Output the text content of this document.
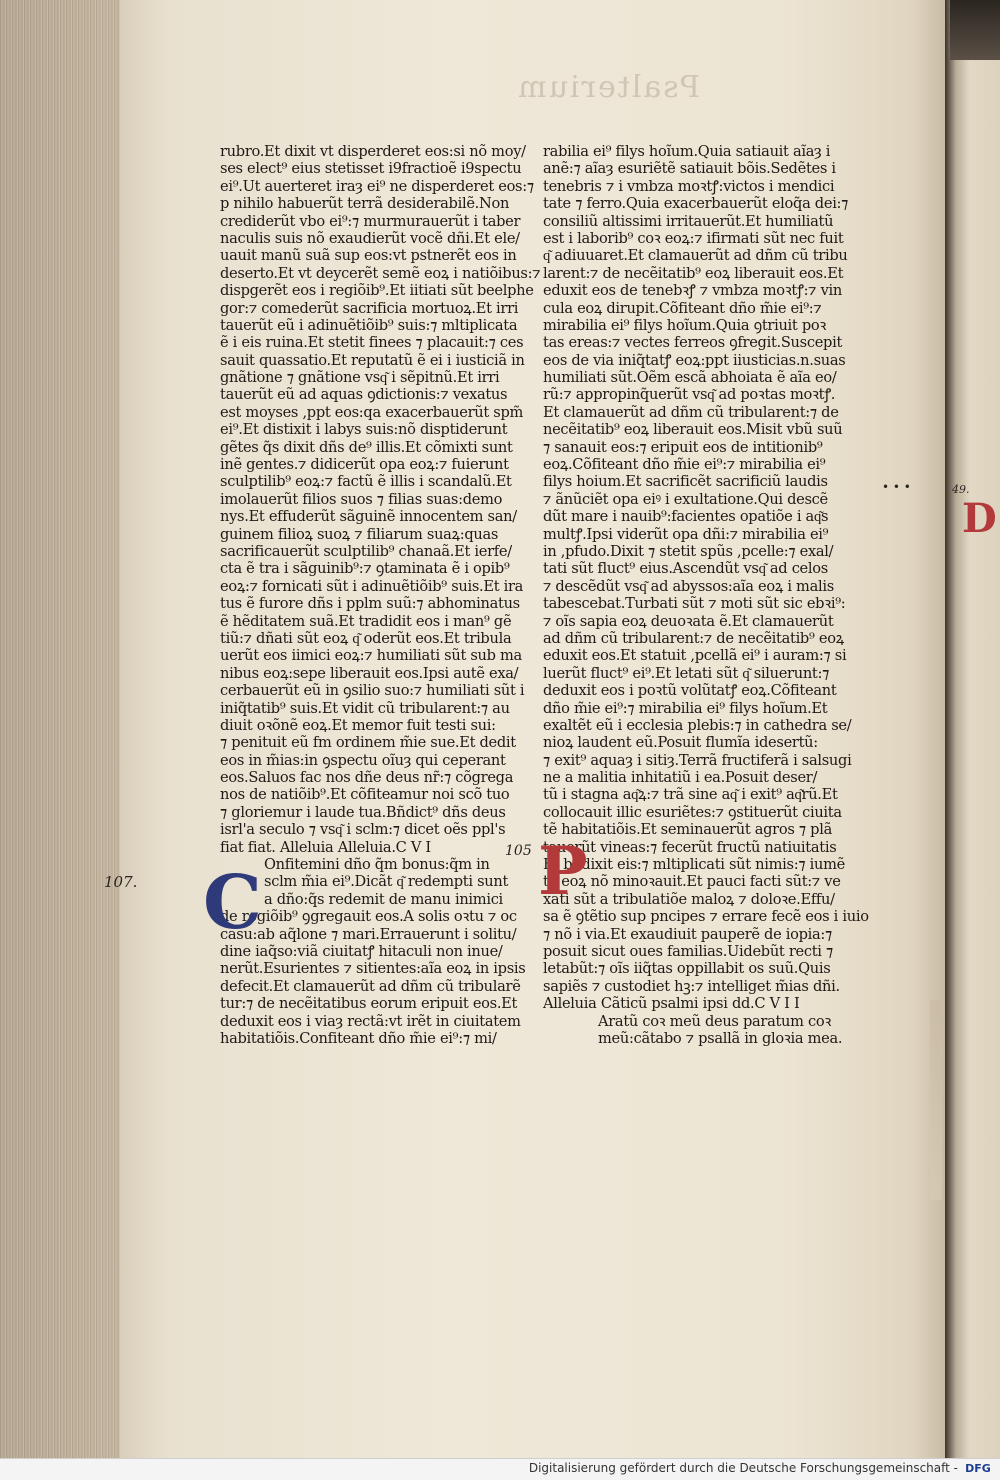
Psalterium
rubro.Et dixit vt disperderet eos:si nõ moy/
ses elect⁹ eius stetisset i9fractioẽ i9spectu
ei⁹.Ut auerteret iraȝ ei⁹ ne disperderet eos:⁊
p nihilo habuerũt terrã desiderabilẽ.Non
crediderũt vbo ei⁹:⁊ murmurauerũt i taber
naculis suis nõ exaudierũt vocẽ dñi.Et ele/
uauit manũ suã sup eos:vt pstnerẽt eos in
deserto.Et vt deycerẽt semẽ eoꝝ i natiõibus:⁊
dispgerẽt eos i regiõib⁹.Et iitiati sũt beelphe
gor:⁊ comederũt sacrificia mortuoꝝ.Et irri
tauerũt eũ i adinuẽtiõib⁹ suis:⁊ mltiplicata
ẽ i eis ruina.Et stetit finees ⁊ placauit:⁊ ces
sauit quassatio.Et reputatũ ẽ ei i iusticiã in
gnãtione ⁊ gnãtione vsq͂ i sẽpitnũ.Et irri
tauerũt eũ ad aquas ꝯdictionis:⁊ vexatus
est moyses ,ppt eos:qa exacerbauerũt spm̃
ei⁹.Et distixit i labys suis:nõ disptiderunt
gẽtes q̃s dixit dñs de⁹ illis.Et cõmixti sunt
inẽ gentes.⁊ didicerũt opa eoꝝ:⁊ fuierunt
sculptilib⁹ eoꝝ:⁊ factũ ẽ illis i scandalũ.Et
imolauerũt filios suos ⁊ filias suas:demo
nys.Et effuderũt sãguinẽ innocentem san/
guinem filioꝝ suoꝝ ⁊ filiarum suaꝝ:quas
sacrificauerũt sculptilib⁹ chanaã.Et ierfe/
cta ẽ tra i sãguinib⁹:⁊ ꝯtaminata ẽ i opib⁹
eoꝝ:⁊ fornicati sũt i adinuẽtiõib⁹ suis.Et ira
tus ẽ furore dñs i pplm suũ:⁊ abhominatus
ẽ hẽditatem suã.Et tradidit eos i man⁹ gẽ
tiũ:⁊ dñati sũt eoꝝ q͂ oderũt eos.Et tribula
uerũt eos iimici eoꝝ:⁊ humiliati sũt sub ma
nibus eoꝝ:sepe liberauit eos.Ipsi autẽ exa/
cerbauerũt eũ in ꝯsilio suo:⁊ humiliati sũt i
iniq̃tatib⁹ suis.Et vidit cũ tribularent:⁊ au
diuit oꝛõnẽ eoꝝ.Et memor fuit testi sui:
⁊ penituit eũ fm ordinem m̃ie sue.Et dedit
eos in m̃ias:in ꝯspectu oĩuȝ qui ceperant
eos.Saluos fac nos dñe deus nr̃:⁊ cõgrega
nos de natiõib⁹.Et cõfiteamur noi scõ tuo
⁊ gloriemur i laude tua.Bñdict⁹ dñs deus
isrl'a seculo ⁊ vsq͂ i sclm:⁊ dicet oẽs ppl's
fiat fiat. Alleluia Alleluia.C V I
Onfitemini dño q̃m bonus:q̃m in
sclm m̃ia ei⁹.Dicãt q͂ redempti sunt
a dño:q̃s redemit de manu inimici
de regiõib⁹ ꝯgregauit eos.A solis oꝛtu ⁊ oc
casu:ab aq̃lone ⁊ mari.Errauerunt i solitu/
dine iaq̃so:viã ciuitatꝭ hitaculi non inue/
nerũt.Esurientes ⁊ sitientes:aĩa eoꝝ in ipsis
defecit.Et clamauerũt ad dñm cũ tribularẽ
tur:⁊ de necẽitatibus eorum eripuit eos.Et
deduxit eos i viaȝ rectã:vt irẽt in ciuitatem
habitatiõis.Confiteant dño m̃ie ei⁹:⁊ mi/
rabilia ei⁹ filys hoĩum.Quia satiauit aĩaȝ i
anẽ:⁊ aĩaȝ esuriẽtẽ satiauit bõis.Sedẽtes i
tenebris ⁊ i vmbza moꝛtꝭ:victos i mendici
tate ⁊ ferro.Quia exacerbauerũt eloq̃a dei:⁊
consiliũ altissimi irritauerũt.Et humiliatũ
est i laborib⁹ coꝛ eoꝝ:⁊ ifirmati sũt nec fuit
q͂ adiuuaret.Et clamauerũt ad dñm cũ tribu
larent:⁊ de necẽitatib⁹ eoꝝ liberauit eos.Et
eduxit eos de tenebꝛꝭ ⁊ vmbza moꝛtꝭ:⁊ vin
cula eoꝝ dirupit.Cõfiteant dño m̃ie ei⁹:⁊
mirabilia ei⁹ filys hoĩum.Quia ꝯtriuit poꝛ
tas ereas:⁊ vectes ferreos ꝯfregit.Suscepit
eos de via iniq̃tatꝭ eoꝝ:ppt iiusticias.n.suas
humiliati sũt.Oẽm escã abhoiata ẽ aĩa eo/
rũ:⁊ appropinq̃uerũt vsq͂ ad poꝛtas moꝛtꝭ.
Et clamauerũt ad dñm cũ tribularent:⁊ de
necẽitatib⁹ eoꝝ liberauit eos.Misit vbũ suũ
⁊ sanauit eos:⁊ eripuit eos de intitionib⁹
eoꝝ.Cõfiteant dño m̃ie ei⁹:⁊ mirabilia ei⁹
filys hoium.Et sacrificẽt sacrificiũ laudis
⁊ ãnũciẽt opa eiꝰ i exultatione.Qui descẽ
dũt mare i nauib⁹:facientes opatiõe i aq͂s
multꝭ.Ipsi viderũt opa dñi:⁊ mirabilia ei⁹
in ,pfudo.Dixit ⁊ stetit spũs ,pcelle:⁊ exal/
tati sũt fluct⁹ eius.Ascendũt vsq͂ ad celos
⁊ descẽdũt vsq͂ ad abyssos:aĩa eoꝝ i malis
tabescebat.Turbati sũt ⁊ moti sũt sic ebꝛi⁹:
⁊ oĩs sapia eoꝝ deuoꝛata ẽ.Et clamauerũt
ad dñm cũ tribularent:⁊ de necẽitatib⁹ eoꝝ
eduxit eos.Et statuit ,pcellã ei⁹ i auram:⁊ si
luerũt fluct⁹ ei⁹.Et letati sũt q͂ siluerunt:⁊
deduxit eos i poꝛtũ volũtatꝭ eoꝝ.Cõfiteant
dño m̃ie ei⁹:⁊ mirabilia ei⁹ filys hoĩum.Et
exaltẽt eũ i ecclesia plebis:⁊ in cathedra se/
nioꝝ laudent eũ.Posuit flumĩa idesertũ:
⁊ exit⁹ aquaȝ i sitiȝ.Terrã fructiferã i salsugi
ne a malitia inhitatiũ i ea.Posuit deser/
tũ i stagna aq͂ꝝ:⁊ trã sine aq͂ i exit⁹ aq͂rũ.Et
collocauit illic esuriẽtes:⁊ ꝯstituerũt ciuita
tẽ habitatiõis.Et seminauerũt agros ⁊ plã
tauerũt vineas:⁊ fecerũt fructũ natiuitatis
Et bñdixit eis:⁊ mltiplicati sũt nimis:⁊ iumẽ
ta eoꝝ nõ minoꝛauit.Et pauci facti sũt:⁊ ve
xati sũt a tribulatiõe maloꝝ ⁊ doloꝛe.Effu/
sa ẽ ꝯtẽtio sup pncipes ⁊ errare fecẽ eos i iuio
⁊ nõ i via.Et exaudiuit pauperẽ de iopia:⁊
posuit sicut oues familias.Uidebũt recti ⁊
letabũt:⁊ oĩs iiq̃tas oppillabit os suũ.Quis
sapiẽs ⁊ custodiet hꝫ:⁊ intelliget m̃ias dñi.
Alleluia Cãticũ psalmi ipsi dd.C V I I
Aratũ coꝛ meũ deus paratum coꝛ
meũ:cãtabo ⁊ psallã in gloꝛia mea.
C	P
107.
105
• • •	49.
D
Digitalisierung gefördert durch die Deutsche Forschungsgemeinschaft - DFG
